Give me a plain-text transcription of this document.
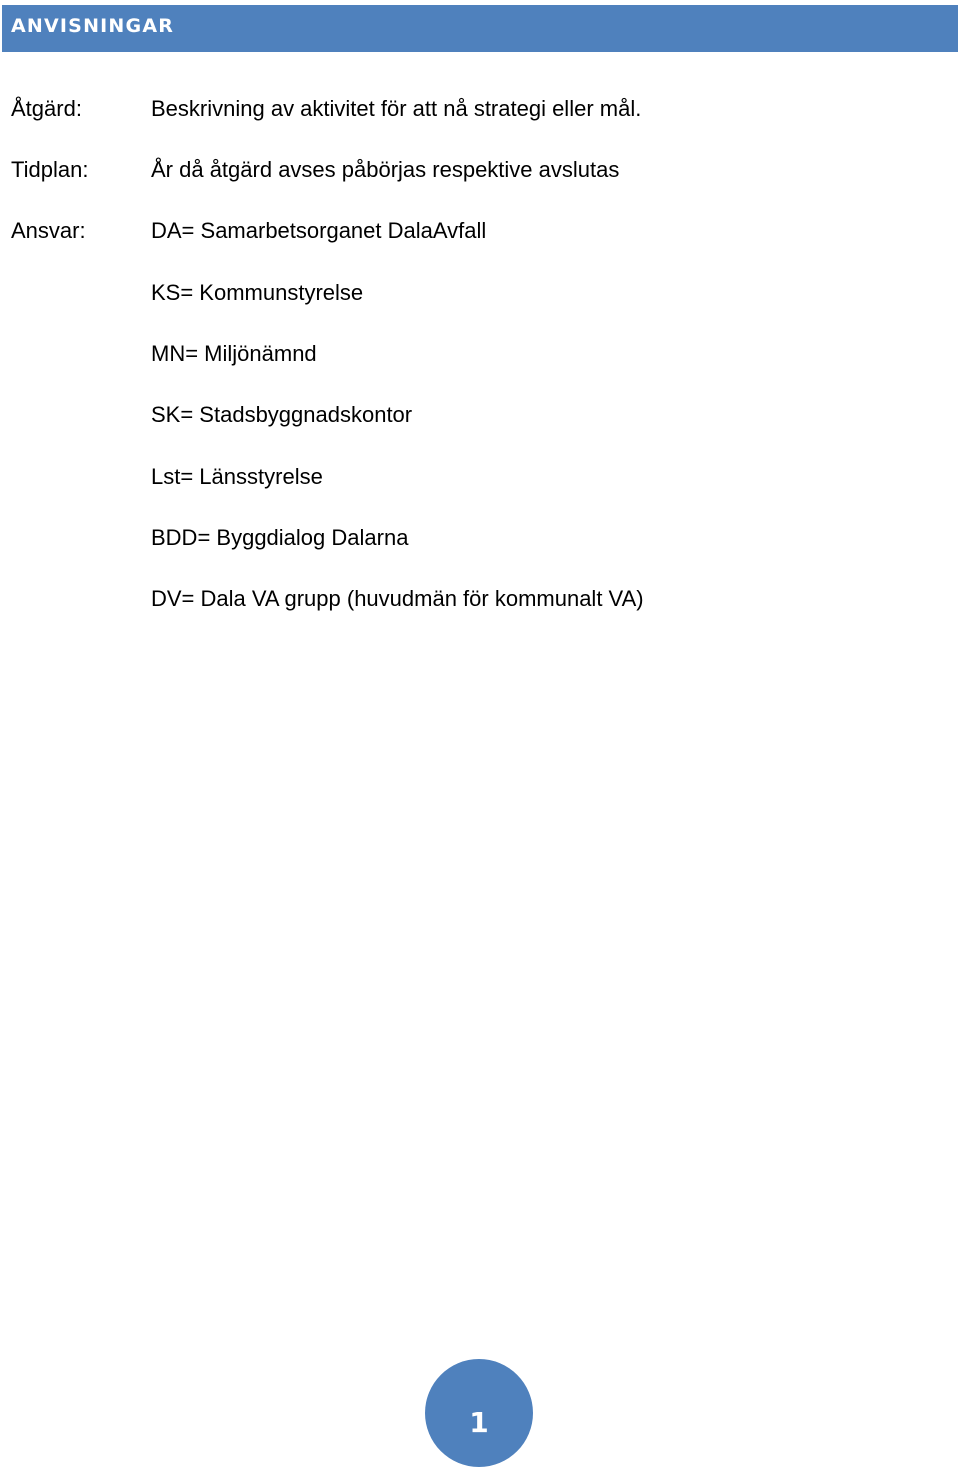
ANVISNINGAR
Åtgärd:	Beskrivning av aktivitet för att nå strategi eller mål.
Tidplan:	År då åtgärd avses påbörjas respektive avslutas
Ansvar:	DA= Samarbetsorganet DalaAvfall
KS= Kommunstyrelse
MN= Miljönämnd
SK= Stadsbyggnadskontor
Lst= Länsstyrelse
BDD= Byggdialog Dalarna
DV= Dala VA grupp (huvudmän för kommunalt VA)
1
